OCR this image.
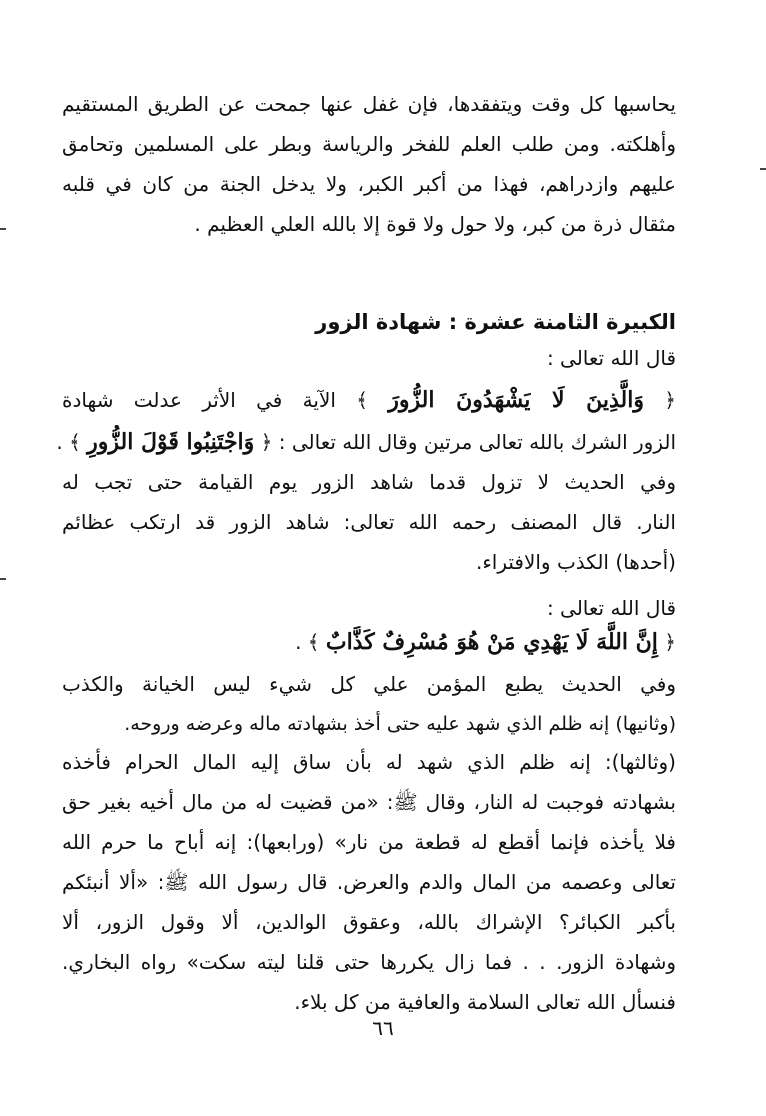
يحاسبها كل وقت ويتفقدها، فإن غفل عنها جمحت عن الطريق المستقيم
وأهلكته. ومن طلب العلم للفخر والرياسة وبطر على المسلمين وتحامق
عليهم وازدراهم، فهذا من أكبر الكبر، ولا يدخل الجنة من كان في قلبه
مثقال ذرة من كبر، ولا حول ولا قوة إلا بالله العلي العظيم .
الكبيرة الثامنة عشرة : شهادة الزور
قال الله تعالى :
﴿ وَالَّذِينَ لَا يَشْهَدُونَ الزُّورَ ﴾ الآية في الأثر عدلت شهادة
الزور الشرك بالله تعالى مرتين وقال الله تعالى : ﴿ وَاجْتَنِبُوا قَوْلَ الزُّورِ ﴾ .
وفي الحديث لا تزول قدما شاهد الزور يوم القيامة حتى تجب له
النار. قال المصنف رحمه الله تعالى: شاهد الزور قد ارتكب عظائم
(أحدها) الكذب والافتراء.
قال الله تعالى :
﴿ إِنَّ اللَّهَ لَا يَهْدِي مَنْ هُوَ مُسْرِفٌ كَذَّابٌ ﴾ .
وفي الحديث يطبع المؤمن علي كل شيء ليس الخيانة والكذب
(وثانيها) إنه ظلم الذي شهد عليه حتى أخذ بشهادته ماله وعرضه وروحه.
(وثالثها): إنه ظلم الذي شهد له بأن ساق إليه المال الحرام فأخذه
بشهادته فوجبت له النار، وقال ﷺ: «من قضيت له من مال أخيه بغير حق
فلا يأخذه فإنما أقطع له قطعة من نار» (ورابعها): إنه أباح ما حرم الله
تعالى وعصمه من المال والدم والعرض. قال رسول الله ﷺ: «ألا أنبئكم
بأكبر الكبائر؟ الإشراك بالله، وعقوق الوالدين، ألا وقول الزور، ألا
وشهادة الزور. . . فما زال يكررها حتى قلنا ليته سكت» رواه البخاري.
فنسأل الله تعالى السلامة والعافية من كل بلاء.
٦٦
